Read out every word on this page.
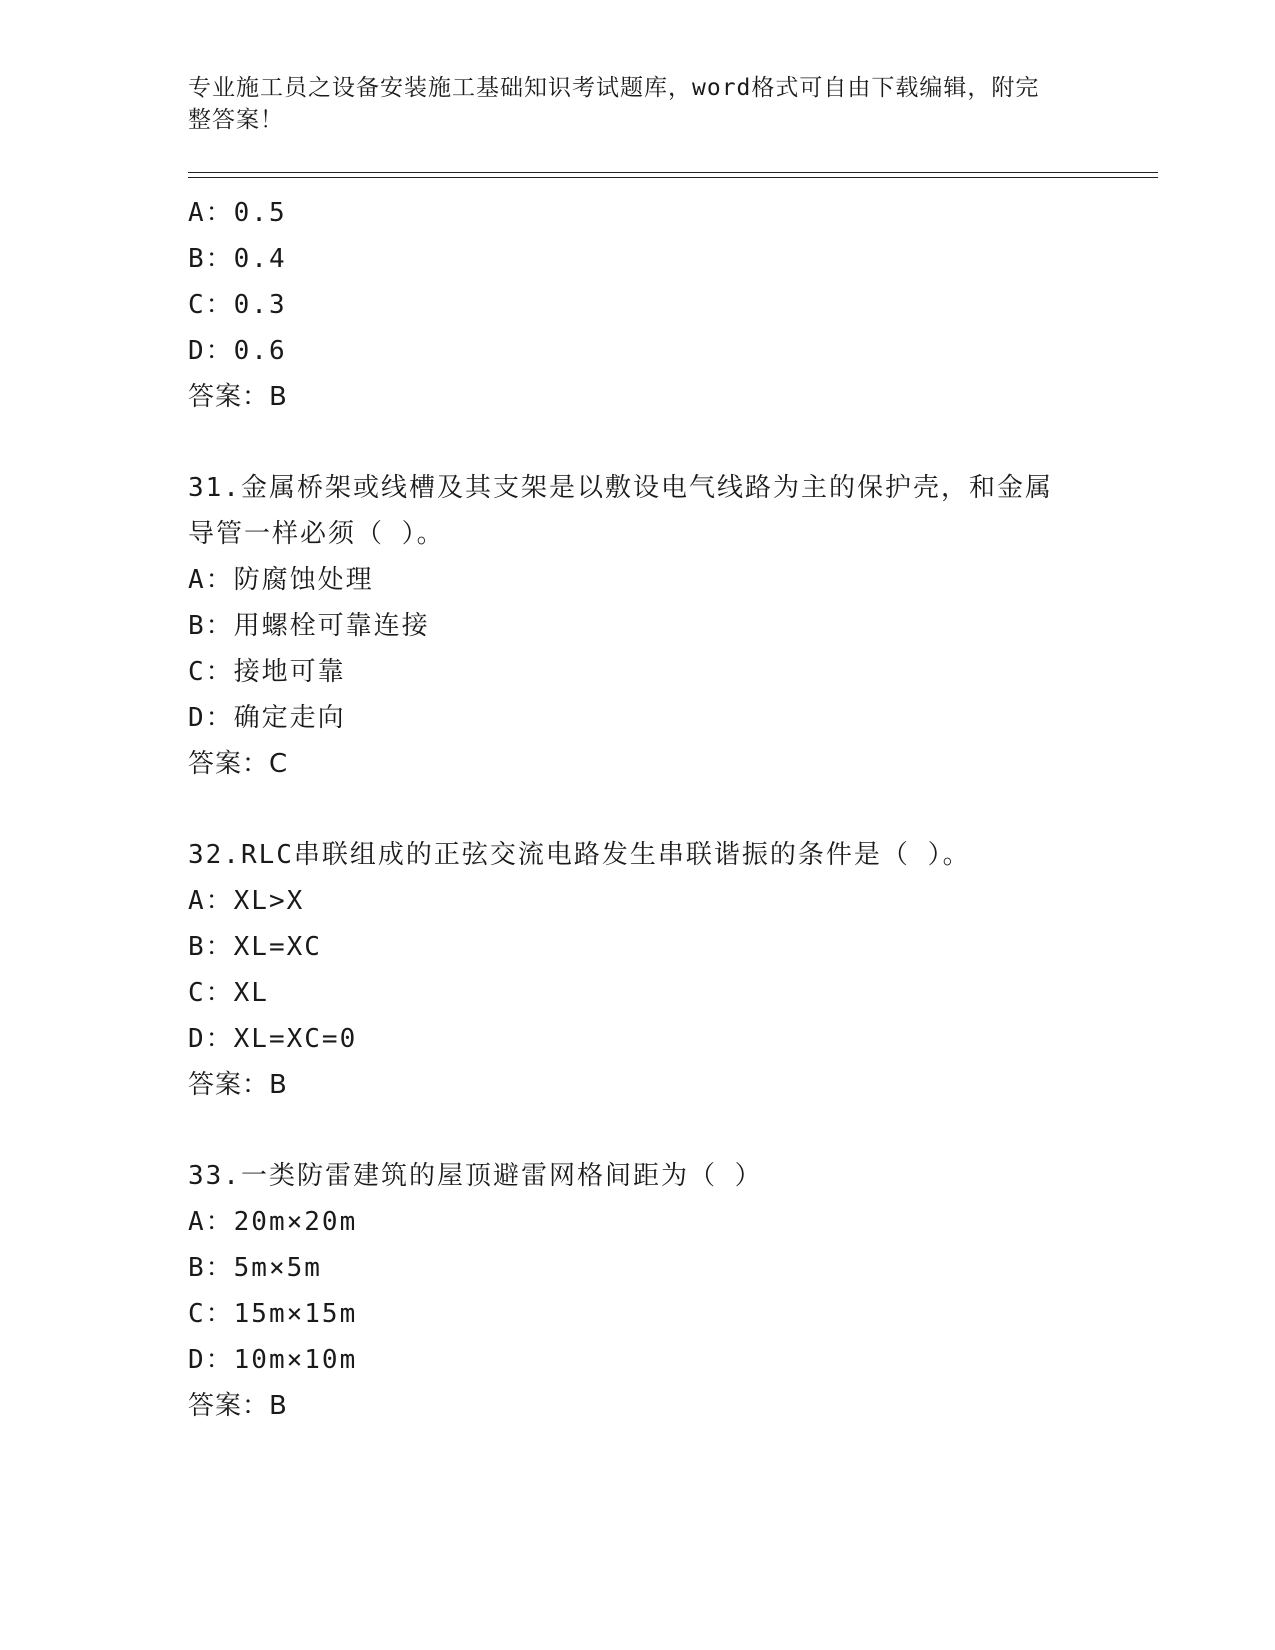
专业施工员之设备安装施工基础知识考试题库，word格式可自由下载编辑，附完
整答案！
A：0.5
B：0.4
C：0.3
D：0.6
答案：B
31.金属桥架或线槽及其支架是以敷设电气线路为主的保护壳，和金属
导管一样必须（ ）。
A：防腐蚀处理
B：用螺栓可靠连接
C：接地可靠
D：确定走向
答案：C
32.RLC串联组成的正弦交流电路发生串联谐振的条件是（ ）。
A：XL>X
B：XL=XC
C：XL
D：XL=XC=0
答案：B
33.一类防雷建筑的屋顶避雷网格间距为（ ）
A：20m×20m
B：5m×5m
C：15m×15m
D：10m×10m
答案：B
